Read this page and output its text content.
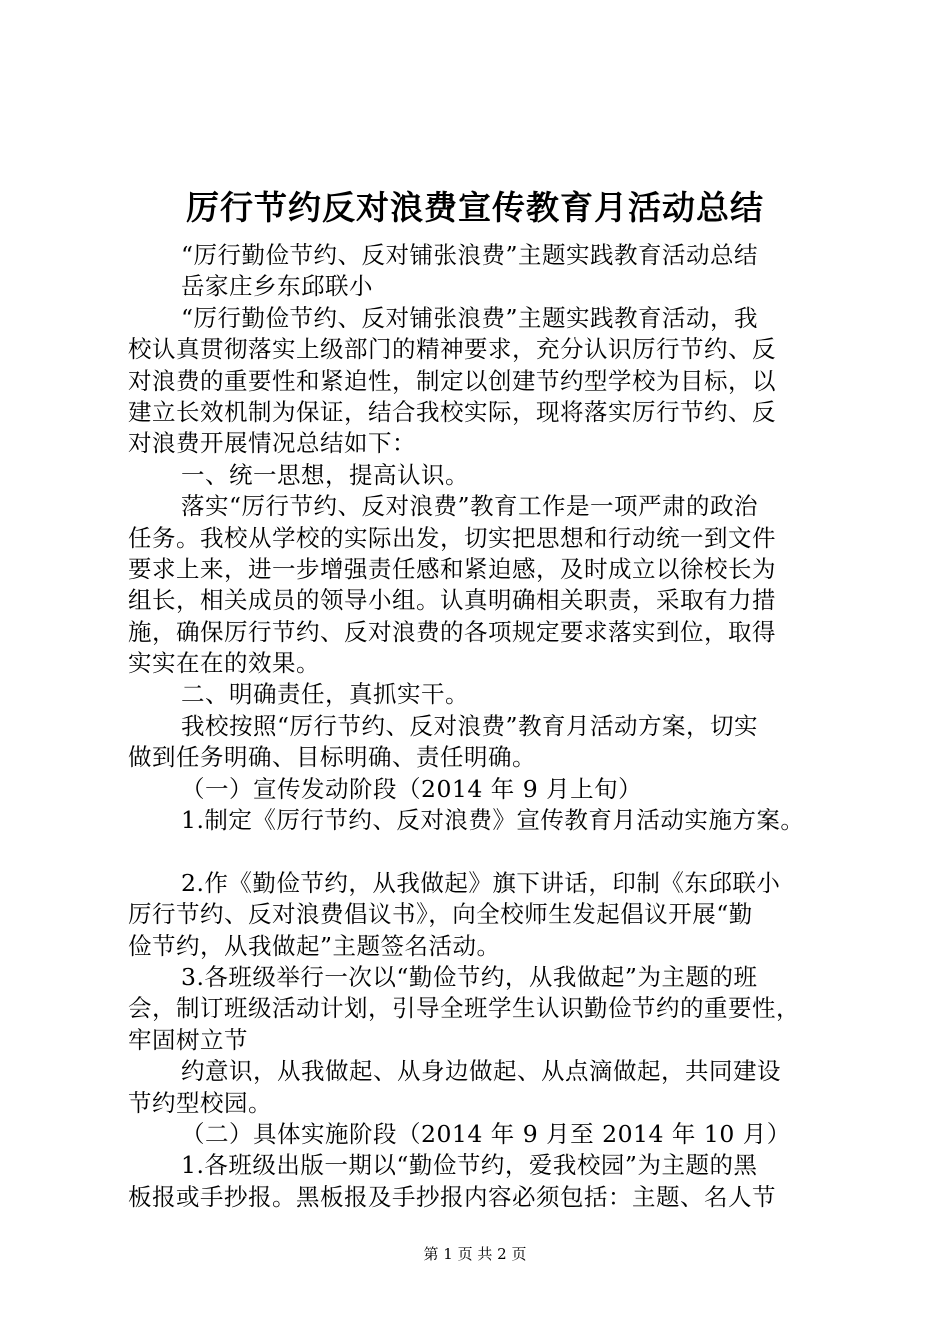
厉行节约反对浪费宣传教育月活动总结
“厉行勤俭节约、反对铺张浪费”主题实践教育活动总结
岳家庄乡东邱联小
“厉行勤俭节约、反对铺张浪费”主题实践教育活动，我
校认真贯彻落实上级部门的精神要求，充分认识厉行节约、反
对浪费的重要性和紧迫性，制定以创建节约型学校为目标，以
建立长效机制为保证，结合我校实际，现将落实厉行节约、反
对浪费开展情况总结如下：
一、统一思想，提高认识。
落实“厉行节约、反对浪费”教育工作是一项严肃的政治
任务。我校从学校的实际出发，切实把思想和行动统一到文件
要求上来，进一步增强责任感和紧迫感，及时成立以徐校长为
组长，相关成员的领导小组。认真明确相关职责，采取有力措
施，确保厉行节约、反对浪费的各项规定要求落实到位，取得
实实在在的效果。
二、明确责任，真抓实干。
我校按照“厉行节约、反对浪费”教育月活动方案，切实
做到任务明确、目标明确、责任明确。
（一）宣传发动阶段（2014 年 9 月上旬）
1.制定《厉行节约、反对浪费》宣传教育月活动实施方案。
2.作《勤俭节约，从我做起》旗下讲话，印制《东邱联小
厉行节约、反对浪费倡议书》，向全校师生发起倡议开展“勤
俭节约，从我做起”主题签名活动。
3.各班级举行一次以“勤俭节约，从我做起”为主题的班
会，制订班级活动计划，引导全班学生认识勤俭节约的重要性，
牢固树立节
约意识，从我做起、从身边做起、从点滴做起，共同建设
节约型校园。
（二）具体实施阶段（2014 年 9 月至 2014 年 10 月）
1.各班级出版一期以“勤俭节约，爱我校园”为主题的黑
板报或手抄报。黑板报及手抄报内容必须包括：主题、名人节
第 1 页 共 2 页
